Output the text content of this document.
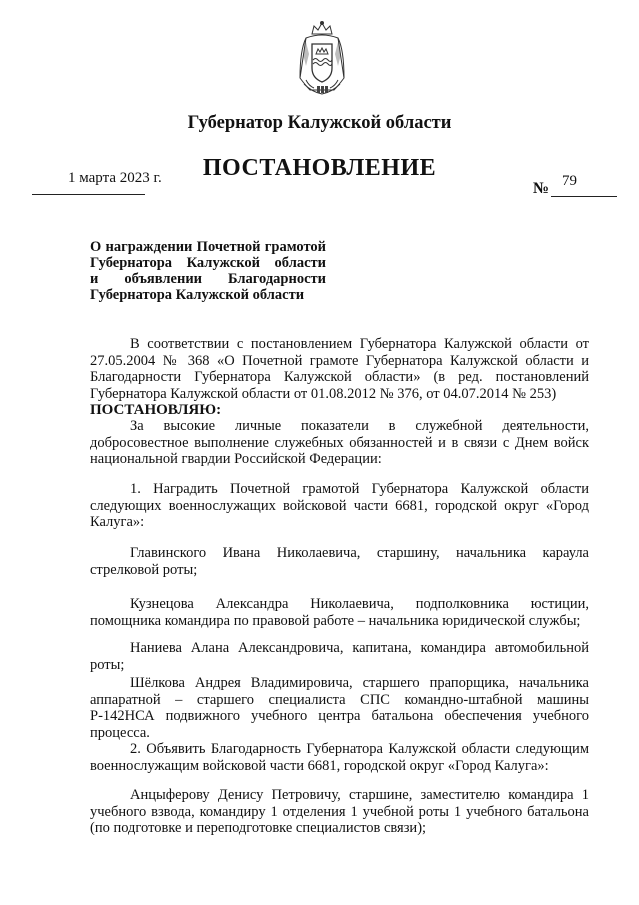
Губернатор Калужской области
ПОСТАНОВЛЕНИЕ
1 марта 2023 г.
№ 79
О награждении Почетной грамотой
Губернатора Калужской области
и объявлении Благодарности
Губернатора Калужской области

В соответствии с постановлением Губернатора Калужской области от 27.05.2004 № 368 «О Почетной грамоте Губернатора Калужской области и Благодарности Губернатора Калужской области» (в ред. постановлений Губернатора Калужской области от 01.08.2012 № 376, от 04.07.2014 № 253)

ПОСТАНОВЛЯЮ:

За высокие личные показатели в служебной деятельности, добросовестное выполнение служебных обязанностей и в связи с Днем войск национальной гвардии Российской Федерации:

1. Наградить Почетной грамотой Губернатора Калужской области следующих военнослужащих войсковой части 6681, городской округ «Город Калуга»:

Главинского Ивана Николаевича, старшину, начальника караула стрелковой роты;

Кузнецова Александра Николаевича, подполковника юстиции, помощника командира по правовой работе – начальника юридической службы;

Наниева Алана Александровича, капитана, командира автомобильной роты;

Шёлкова Андрея Владимировича, старшего прапорщика, начальника аппаратной – старшего специалиста СПС командно-штабной машины Р-142НСА подвижного учебного центра батальона обеспечения учебного процесса.

2. Объявить Благодарность Губернатора Калужской области следующим военнослужащим войсковой части 6681, городской округ «Город Калуга»:

Анцыферову Денису Петровичу, старшине, заместителю командира 1 учебного взвода, командиру 1 отделения 1 учебной роты 1 учебного батальона (по подготовке и переподготовке специалистов связи);
